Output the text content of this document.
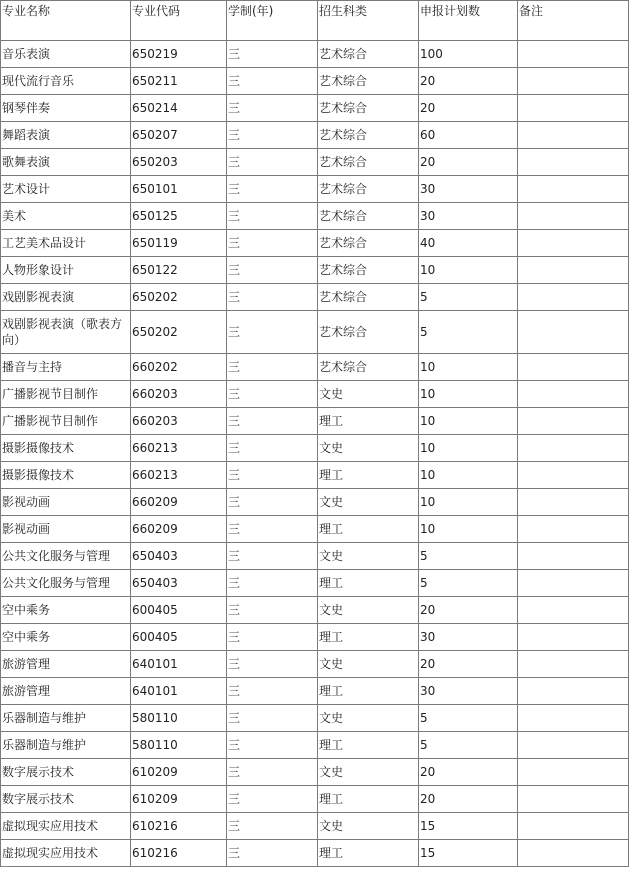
专业名称	专业代码	学制(年)	招生科类	申报计划数	备注
音乐表演	650219	三	艺术综合	100	
现代流行音乐	650211	三	艺术综合	20	
钢琴伴奏	650214	三	艺术综合	20	
舞蹈表演	650207	三	艺术综合	60	
歌舞表演	650203	三	艺术综合	20	
艺术设计	650101	三	艺术综合	30	
美术	650125	三	艺术综合	30	
工艺美术品设计	650119	三	艺术综合	40	
人物形象设计	650122	三	艺术综合	10	
戏剧影视表演	650202	三	艺术综合	5	
戏剧影视表演（歌表方向）	650202	三	艺术综合	5	
播音与主持	660202	三	艺术综合	10	
广播影视节目制作	660203	三	文史	10	
广播影视节目制作	660203	三	理工	10	
摄影摄像技术	660213	三	文史	10	
摄影摄像技术	660213	三	理工	10	
影视动画	660209	三	文史	10	
影视动画	660209	三	理工	10	
公共文化服务与管理	650403	三	文史	5	
公共文化服务与管理	650403	三	理工	5	
空中乘务	600405	三	文史	20	
空中乘务	600405	三	理工	30	
旅游管理	640101	三	文史	20	
旅游管理	640101	三	理工	30	
乐器制造与维护	580110	三	文史	5	
乐器制造与维护	580110	三	理工	5	
数字展示技术	610209	三	文史	20	
数字展示技术	610209	三	理工	20	
虚拟现实应用技术	610216	三	文史	15	
虚拟现实应用技术	610216	三	理工	15	
